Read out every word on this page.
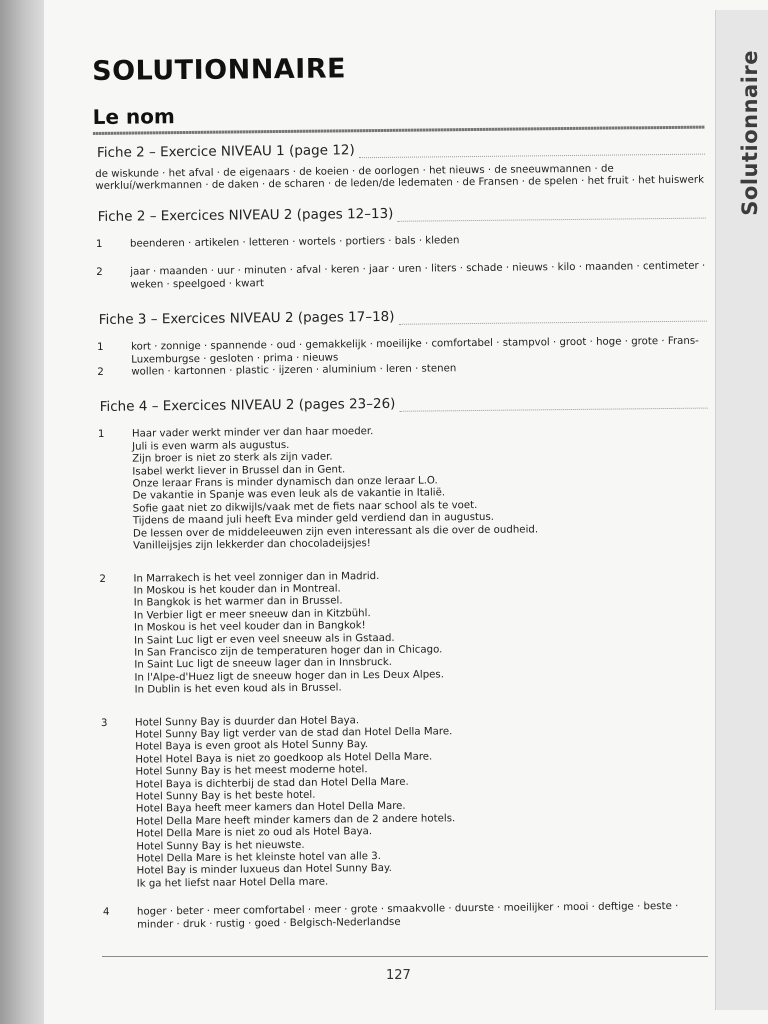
Solutionnaire
SOLUTIONNAIRE
Le nom
Fiche 2 – Exercice NIVEAU 1 (page 12)
de wiskunde · het afval · de eigenaars · de koeien · de oorlogen · het nieuws · de sneeuwmannen · de werkluí/werkmannen · de daken · de scharen · de leden/de ledematen · de Fransen · de spelen · het fruit · het huiswerk
Fiche 2 – Exercices NIVEAU 2 (pages 12–13)
1	beenderen · artikelen · letteren · wortels · portiers · bals · kleden
2	jaar · maanden · uur · minuten · afval · keren · jaar · uren · liters · schade · nieuws · kilo · maanden · centimeter · weken · speelgoed · kwart
Fiche 3 – Exercices NIVEAU 2 (pages 17–18)
1	kort · zonnige · spannende · oud · gemakkelijk · moeilijke · comfortabel · stampvol · groot · hoge · grote · Frans-Luxemburgse · gesloten · prima · nieuws
2	wollen · kartonnen · plastic · ijzeren · aluminium · leren · stenen
Fiche 4 – Exercices NIVEAU 2 (pages 23–26)
1	Haar vader werkt minder ver dan haar moeder.
Juli is even warm als augustus.
Zijn broer is niet zo sterk als zijn vader.
Isabel werkt liever in Brussel dan in Gent.
Onze leraar Frans is minder dynamisch dan onze leraar L.O.
De vakantie in Spanje was even leuk als de vakantie in Italië.
Sofie gaat niet zo dikwijls/vaak met de fiets naar school als te voet.
Tijdens de maand juli heeft Eva minder geld verdiend dan in augustus.
De lessen over de middeleeuwen zijn even interessant als die over de oudheid.
Vanilleijsjes zijn lekkerder dan chocoladeijsjes!
2	In Marrakech is het veel zonniger dan in Madrid.
In Moskou is het kouder dan in Montreal.
In Bangkok is het warmer dan in Brussel.
In Verbier ligt er meer sneeuw dan in Kitzbühl.
In Moskou is het veel kouder dan in Bangkok!
In Saint Luc ligt er even veel sneeuw als in Gstaad.
In San Francisco zijn de temperaturen hoger dan in Chicago.
In Saint Luc ligt de sneeuw lager dan in Innsbruck.
In l'Alpe-d'Huez ligt de sneeuw hoger dan in Les Deux Alpes.
In Dublin is het even koud als in Brussel.
3	Hotel Sunny Bay is duurder dan Hotel Baya.
Hotel Sunny Bay ligt verder van de stad dan Hotel Della Mare.
Hotel Baya is even groot als Hotel Sunny Bay.
Hotel Hotel Baya is niet zo goedkoop als Hotel Della Mare.
Hotel Sunny Bay is het meest moderne hotel.
Hotel Baya is dichterbij de stad dan Hotel Della Mare.
Hotel Sunny Bay is het beste hotel.
Hotel Baya heeft meer kamers dan Hotel Della Mare.
Hotel Della Mare heeft minder kamers dan de 2 andere hotels.
Hotel Della Mare is niet zo oud als Hotel Baya.
Hotel Sunny Bay is het nieuwste.
Hotel Della Mare is het kleinste hotel van alle 3.
Hotel Bay is minder luxueus dan Hotel Sunny Bay.
Ik ga het liefst naar Hotel Della mare.
4	hoger · beter · meer comfortabel · meer · grote · smaakvolle · duurste · moeilijker · mooi · deftige · beste · minder · druk · rustig · goed · Belgisch-Nederlandse
127
